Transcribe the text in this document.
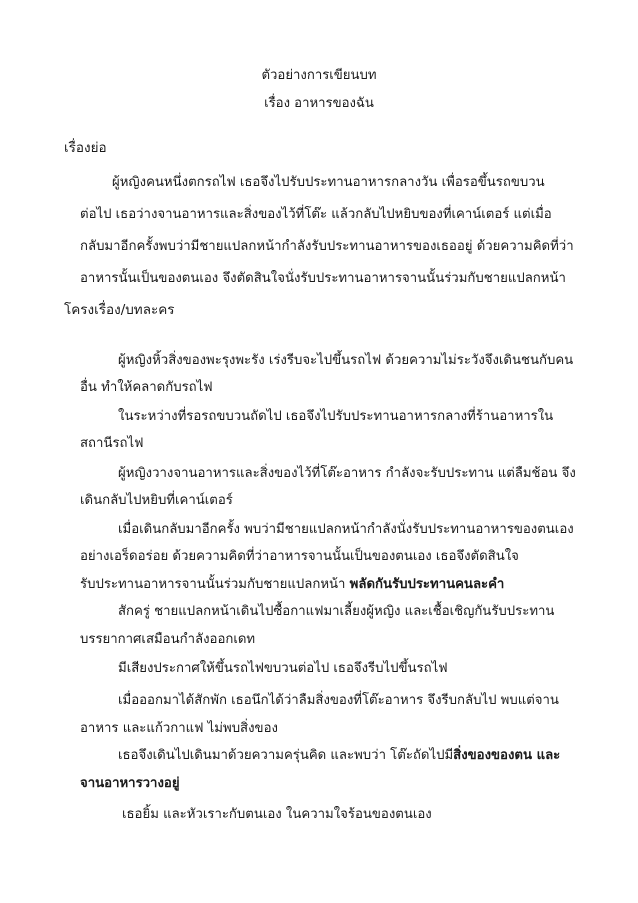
ตัวอย่างการเขียนบท
เรื่อง อาหารของฉัน
เรื่องย่อ
ผู้หญิงคนหนึ่งตกรถไฟ เธอจึงไปรับประทานอาหารกลางวัน เพื่อรอขึ้นรถขบวน
ต่อไป เธอว่างจานอาหารและสิ่งของไว้ที่โต๊ะ แล้วกลับไปหยิบของที่เคาน์เตอร์ แต่เมื่อ
กลับมาอีกครั้งพบว่ามีชายแปลกหน้ากำลังรับประทานอาหารของเธออยู่ ด้วยความคิดที่ว่า
อาหารนั้นเป็นของตนเอง จึงตัดสินใจนั่งรับประทานอาหารจานนั้นร่วมกับชายแปลกหน้า
โครงเรื่อง/บทละคร
ผู้หญิงหิ้วสิ่งของพะรุงพะรัง เร่งรีบจะไปขึ้นรถไฟ ด้วยความไม่ระวังจึงเดินชนกับคน
อื่น ทำให้คลาดกับรถไฟ
ในระหว่างที่รอรถขบวนถัดไป เธอจึงไปรับประทานอาหารกลางที่ร้านอาหารใน
สถานีรถไฟ
ผู้หญิงวางจานอาหารและสิ่งของไว้ที่โต๊ะอาหาร กำลังจะรับประทาน แต่ลืมช้อน จึง
เดินกลับไปหยิบที่เคาน์เตอร์
เมื่อเดินกลับมาอีกครั้ง พบว่ามีชายแปลกหน้ากำลังนั่งรับประทานอาหารของตนเอง
อย่างเอร็ดอร่อย ด้วยความคิดที่ว่าอาหารจานนั้นเป็นของตนเอง เธอจึงตัดสินใจ
รับประทานอาหารจานนั้นร่วมกับชายแปลกหน้า พลัดกันรับประทานคนละคำ
สักครู่ ชายแปลกหน้าเดินไปซื้อกาแฟมาเลี้ยงผู้หญิง และเชื้อเชิญกันรับประทาน
บรรยากาศเสมือนกำลังออกเดท
มีเสียงประกาศให้ขึ้นรถไฟขบวนต่อไป เธอจึงรีบไปขึ้นรถไฟ
เมื่อออกมาได้สักพัก เธอนึกได้ว่าลืมสิ่งของที่โต๊ะอาหาร จึงรีบกลับไป พบแต่จาน
อาหาร และแก้วกาแฟ ไม่พบสิ่งของ
เธอจึงเดินไปเดินมาด้วยความครุ่นคิด และพบว่า โต๊ะถัดไปมีสิ่งของของตน และ
จานอาหารวางอยู่
เธอยิ้ม และหัวเราะกับตนเอง ในความใจร้อนของตนเอง
